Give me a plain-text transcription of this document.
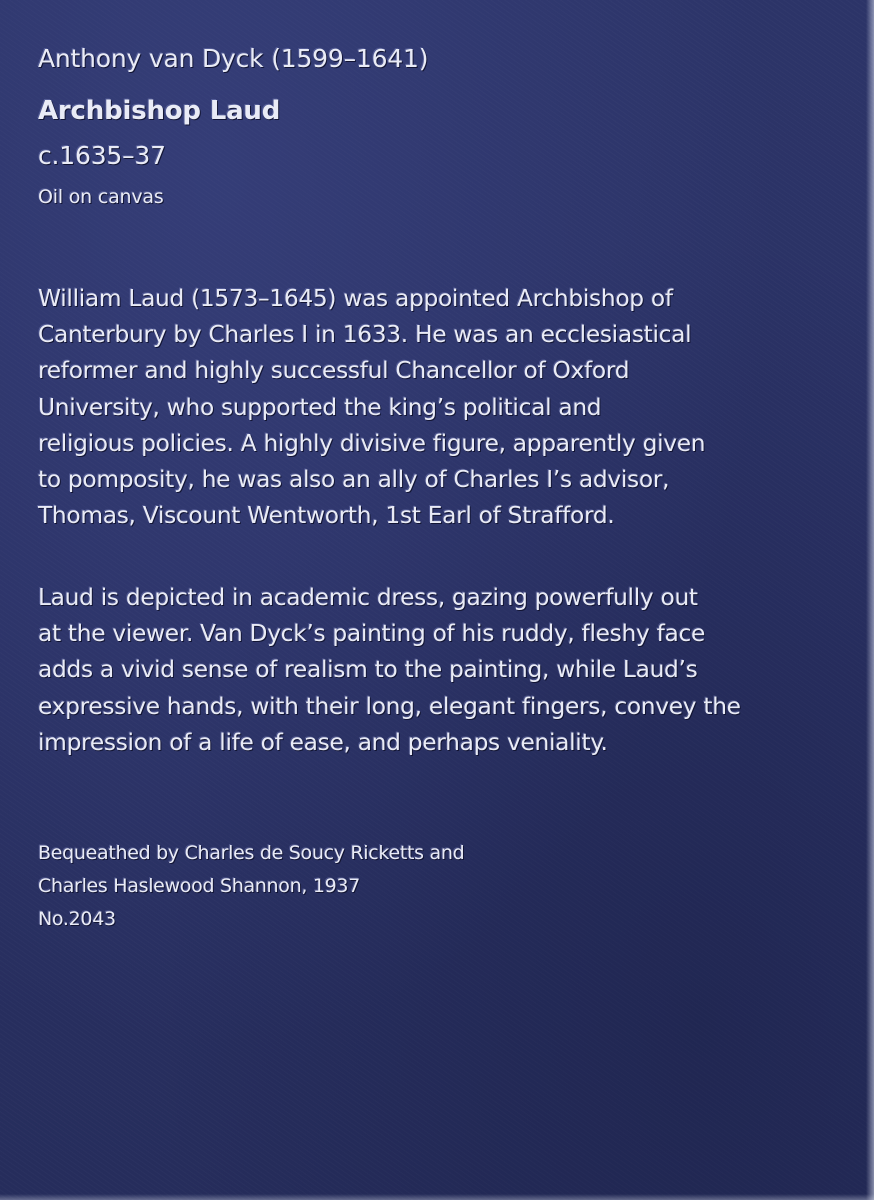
Anthony van Dyck (1599–1641)
Archbishop Laud
c.1635–37
Oil on canvas
William Laud (1573–1645) was appointed Archbishop of
Canterbury by Charles I in 1633. He was an ecclesiastical
reformer and highly successful Chancellor of Oxford
University, who supported the king’s political and
religious policies. A highly divisive figure, apparently given
to pomposity, he was also an ally of Charles I’s advisor,
Thomas, Viscount Wentworth, 1st Earl of Strafford.
Laud is depicted in academic dress, gazing powerfully out
at the viewer. Van Dyck’s painting of his ruddy, fleshy face
adds a vivid sense of realism to the painting, while Laud’s
expressive hands, with their long, elegant fingers, convey the
impression of a life of ease, and perhaps veniality.
Bequeathed by Charles de Soucy Ricketts and
Charles Haslewood Shannon, 1937
No.2043
